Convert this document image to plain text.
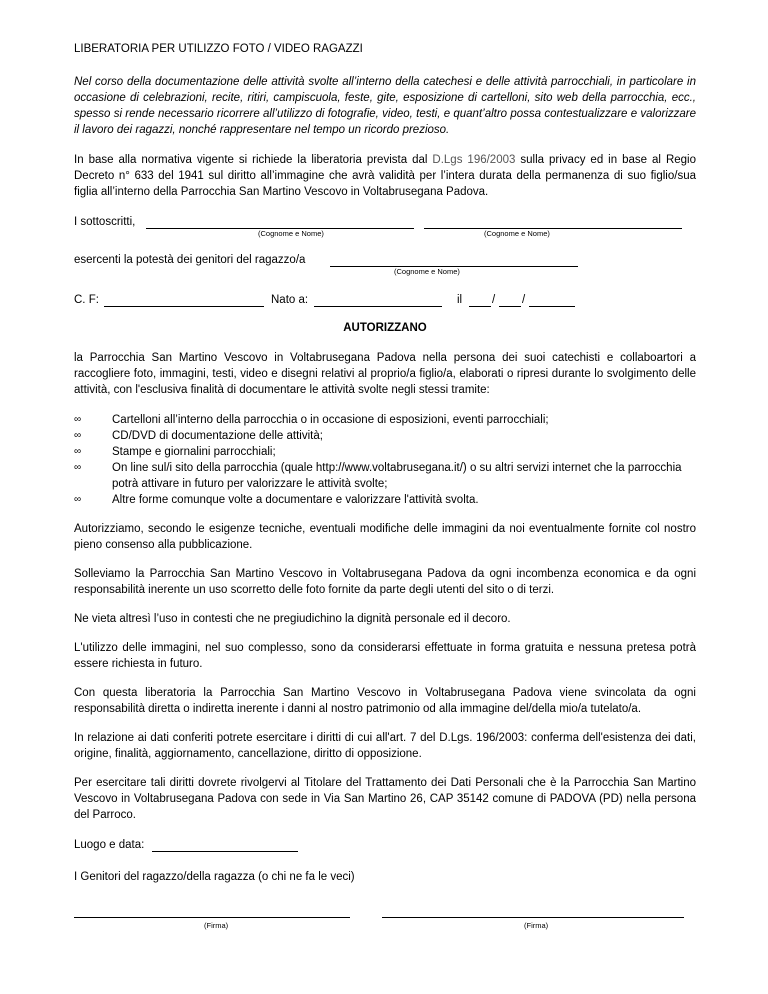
LIBERATORIA PER UTILIZZO FOTO / VIDEO RAGAZZI

Nel corso della documentazione delle attività svolte all’interno della catechesi e delle attività parrocchiali, in particolare in occasione di celebrazioni, recite, ritiri, campiscuola, feste, gite, esposizione di cartelloni, sito web della parrocchia, ecc., spesso si rende necessario ricorrere all’utilizzo di fotografie, video, testi, e quant’altro possa contestualizzare e valorizzare il lavoro dei ragazzi, nonché rappresentare nel tempo un ricordo prezioso.

In base alla normativa vigente si richiede la liberatoria prevista dal D.Lgs 196/2003 sulla privacy ed in base al Regio Decreto n° 633 del 1941 sul diritto all’immagine che avrà validità per l’intera durata della permanenza di suo figlio/sua figlia all’interno della Parrocchia San Martino Vescovo in Voltabrusegana Padova.

I sottoscritti,
(Cognome e Nome)	(Cognome e Nome)
esercenti la potestà dei genitori del ragazzo/a
(Cognome e Nome)
C. F:	Nato a:	il	/ /
AUTORIZZANO

la Parrocchia San Martino Vescovo in Voltabrusegana Padova nella persona dei suoi catechisti e collaboartori a raccogliere foto, immagini, testi, video e disegni relativi al proprio/a figlio/a, elaborati o ripresi durante lo svolgimento delle attività, con l'esclusiva finalità di documentare le attività svolte negli stessi tramite:

∞	Cartelloni all’interno della parrocchia o in occasione di esposizioni, eventi parrocchiali;
∞	CD/DVD di documentazione delle attività;
∞	Stampe e giornalini parrocchiali;
∞	On line sul/i sito della parrocchia (quale http://www.voltabrusegana.it/) o su altri servizi internet che la parrocchia potrà attivare in futuro per valorizzare le attività svolte;
∞	Altre forme comunque volte a documentare e valorizzare l'attività svolta.

Autorizziamo, secondo le esigenze tecniche, eventuali modifiche delle immagini da noi eventualmente fornite col nostro pieno consenso alla pubblicazione.

Solleviamo la Parrocchia San Martino Vescovo in Voltabrusegana Padova da ogni incombenza economica e da ogni responsabilità inerente un uso scorretto delle foto fornite da parte degli utenti del sito o di terzi.

Ne vieta altresì l’uso in contesti che ne pregiudichino la dignità personale ed il decoro.

L'utilizzo delle immagini, nel suo complesso, sono da considerarsi effettuate in forma gratuita e nessuna pretesa potrà essere richiesta in futuro.

Con questa liberatoria la Parrocchia San Martino Vescovo in Voltabrusegana Padova viene svincolata da ogni responsabilità diretta o indiretta inerente i danni al nostro patrimonio od alla immagine del/della mio/a tutelato/a.

In relazione ai dati conferiti potrete esercitare i diritti di cui all'art. 7 del D.Lgs. 196/2003: conferma dell'esistenza dei dati, origine, finalità, aggiornamento, cancellazione, diritto di opposizione.

Per esercitare tali diritti dovrete rivolgervi al Titolare del Trattamento dei Dati Personali che è la Parrocchia San Martino Vescovo in Voltabrusegana Padova con sede in Via San Martino 26, CAP 35142 comune di PADOVA (PD) nella persona del Parroco.

Luogo e data:
I Genitori del ragazzo/della ragazza (o chi ne fa le veci)
(Firma)	(Firma)
